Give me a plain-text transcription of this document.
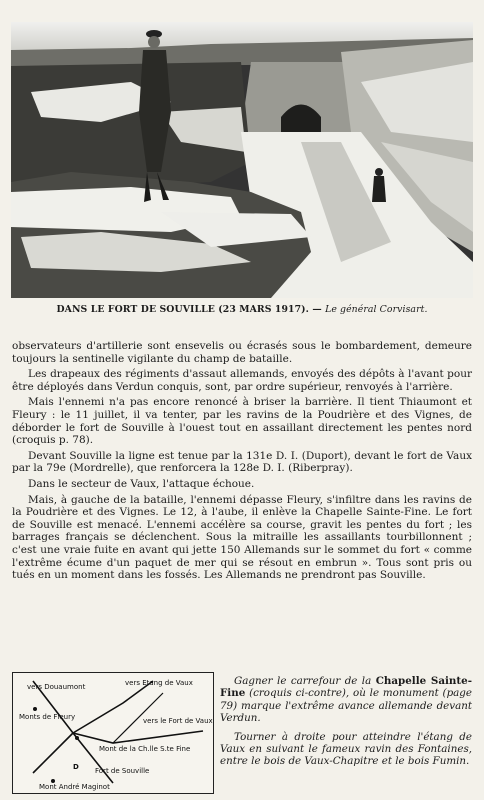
DANS LE FORT DE SOUVILLE (23 MARS 1917). — Le général Corvisart.

observateurs d'artillerie sont ensevelis ou écrasés sous le bombardement, demeure toujours la sentinelle vigilante du champ de bataille.

Les drapeaux des régiments d'assaut allemands, envoyés des dépôts à l'avant pour être déployés dans Verdun conquis, sont, par ordre supérieur, renvoyés à l'arrière.

Mais l'ennemi n'a pas encore renoncé à briser la barrière. Il tient Thiaumont et Fleury : le 11 juillet, il va tenter, par les ravins de la Poudrière et des Vignes, de déborder le fort de Souville à l'ouest tout en assaillant directement les pentes nord (croquis p. 78).

Devant Souville la ligne est tenue par la 131e D. I. (Duport), devant le fort de Vaux par la 79e (Mordrelle), que renforcera la 128e D. I. (Riberpray).

Dans le secteur de Vaux, l'attaque échoue.

Mais, à gauche de la bataille, l'ennemi dépasse Fleury, s'infiltre dans les ravins de la Poudrière et des Vignes. Le 12, à l'aube, il enlève la Chapelle Sainte-Fine. Le fort de Souville est menacé. L'ennemi accélère sa course, gravit les pentes du fort ; les barrages français se déclenchent. Sous la mitraille les assaillants tourbillonnent ; c'est une vraie fuite en avant qui jette 150 Allemands sur le sommet du fort « comme l'extrême écume d'un paquet de mer qui se résout en embrun ». Tous sont pris ou tués en un moment dans les fossés. Les Allemands ne prendront pas Souville.

D
vers Douaumont	vers Etang de Vaux
Monts de Fleury	vers le Fort de Vaux
Mont de la Ch.lle S.te Fine
Fort de Souville
Mont André Maginot

Gagner le carrefour de la Chapelle Sainte-Fine (croquis ci-contre), où le monument (page 79) marque l'extrême avance allemande devant Verdun.

Tourner à droite pour atteindre l'étang de Vaux en suivant le fameux ravin des Fontaines, entre le bois de Vaux-Chapitre et le bois Fumin.
